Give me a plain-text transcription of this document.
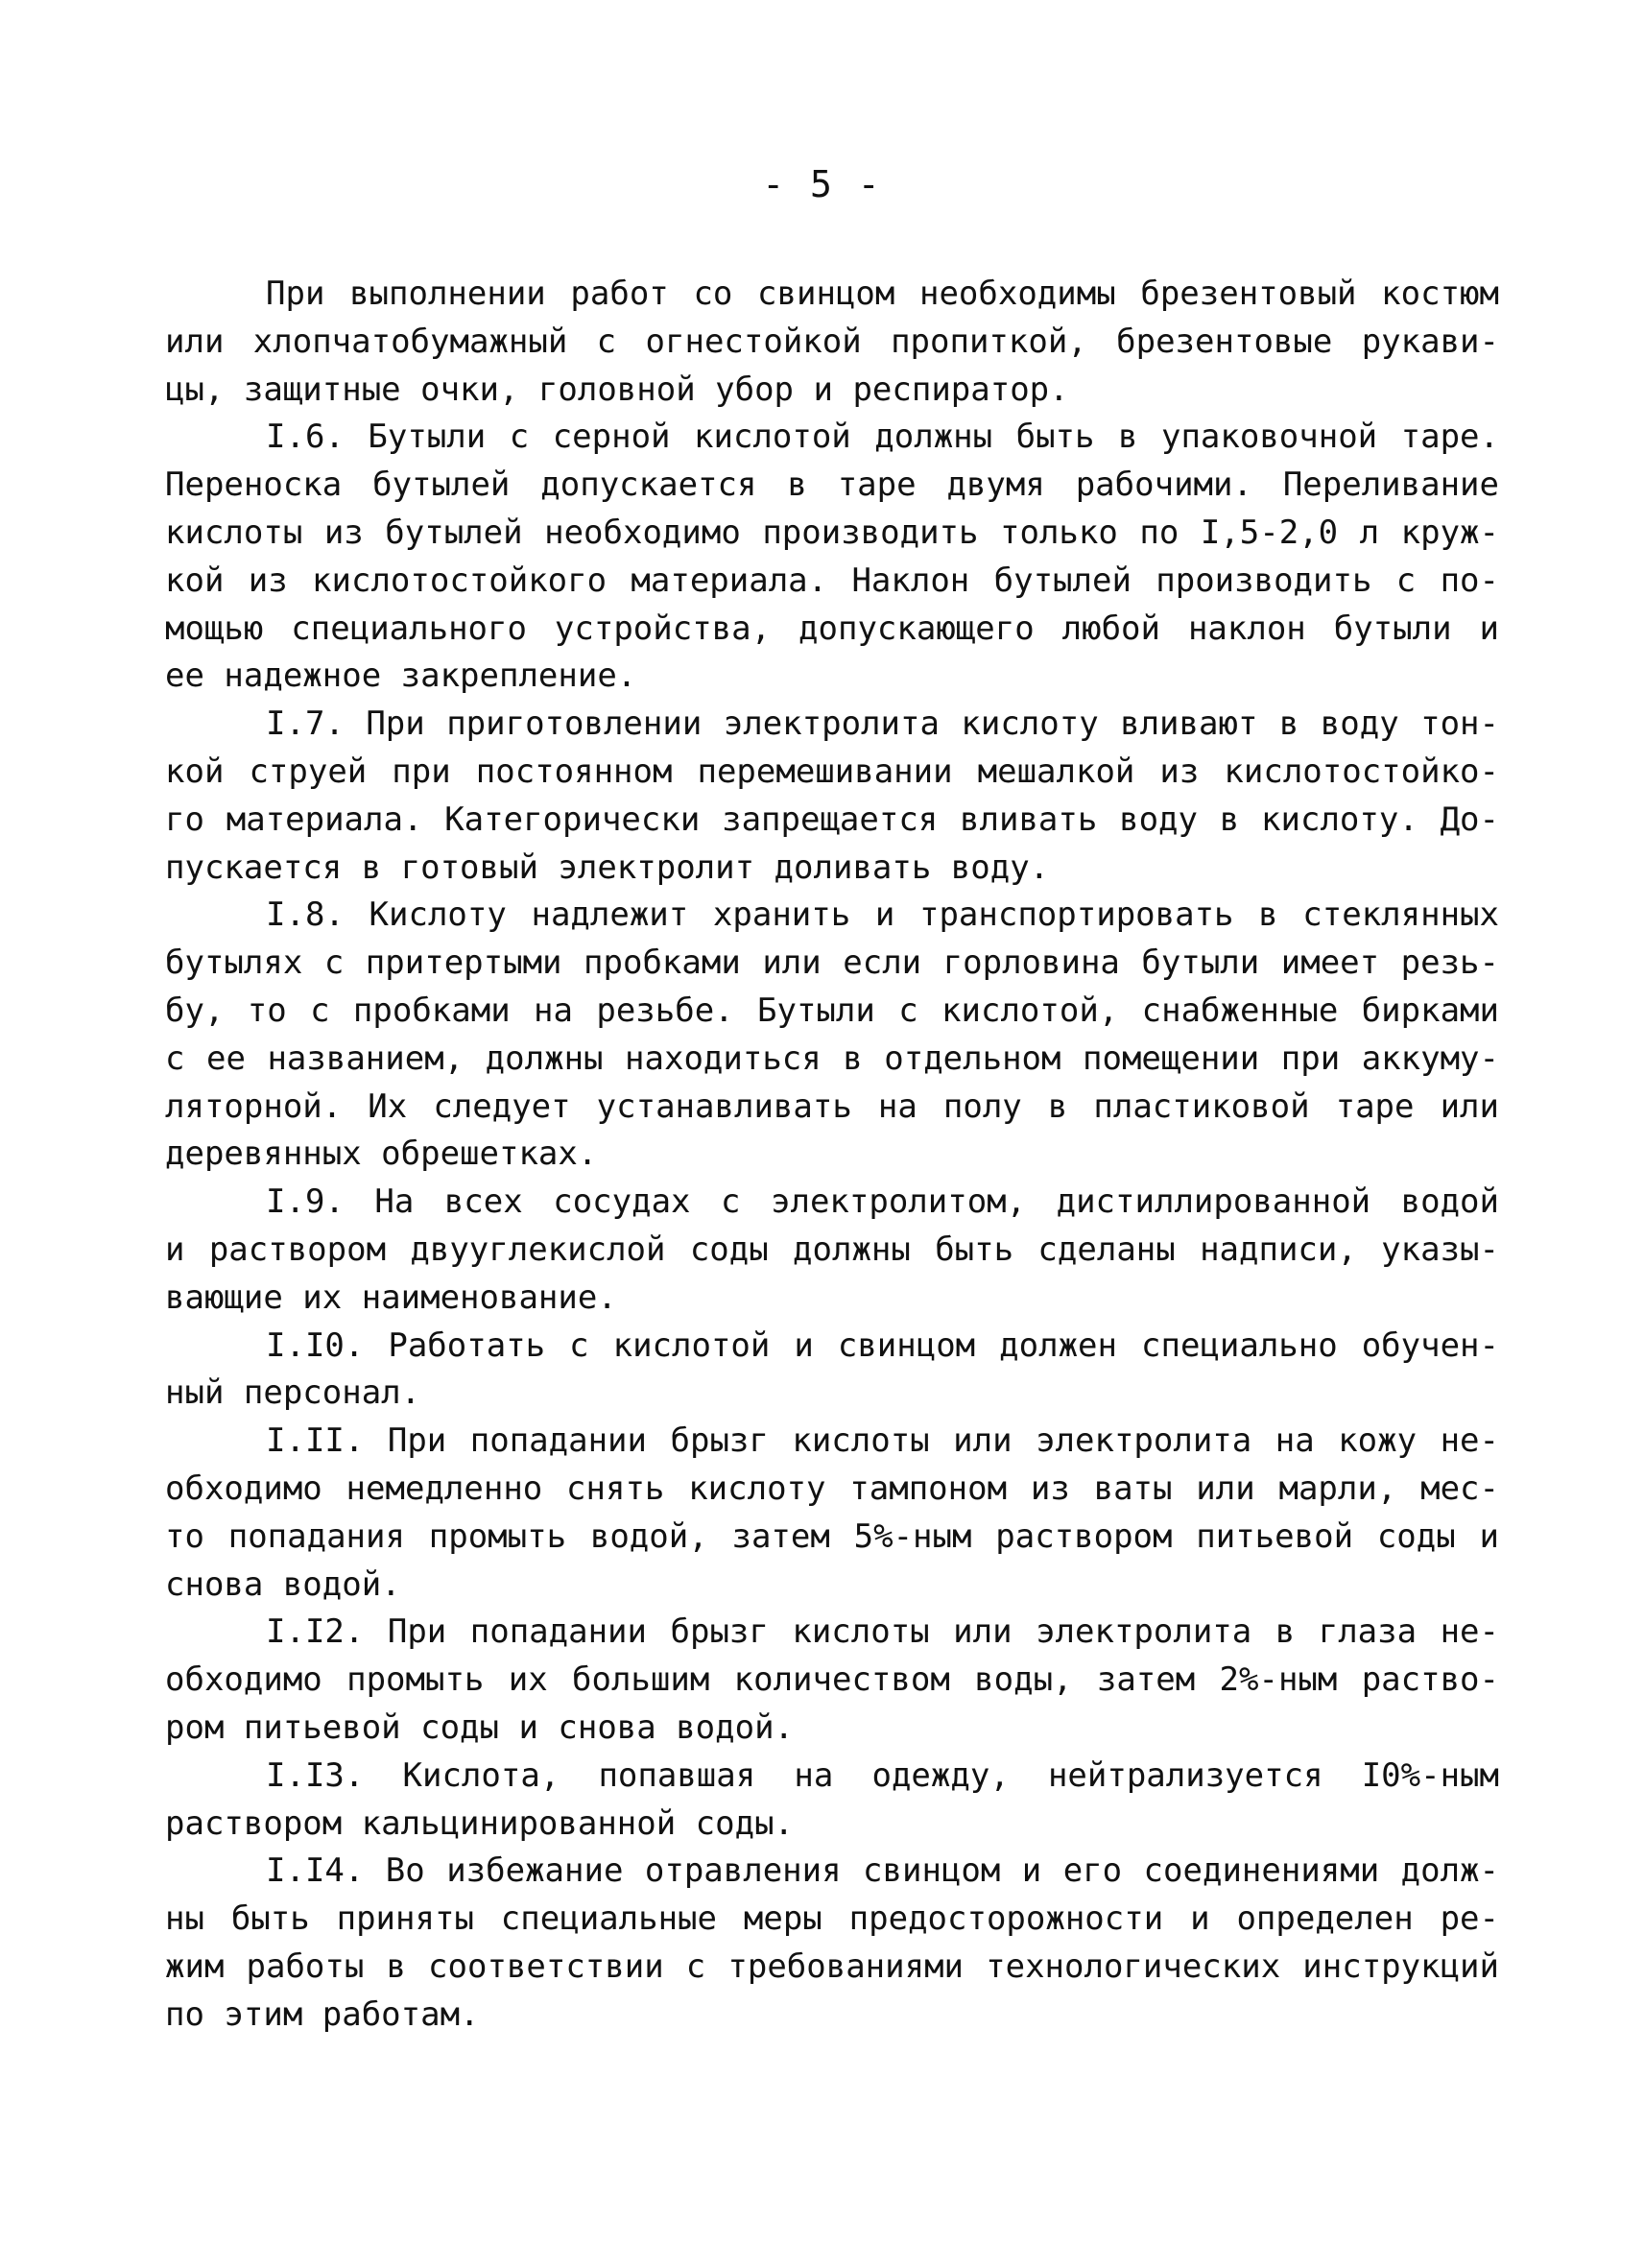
- 5 -
При выполнении работ со свинцом необходимы брезентовый костюм
или хлопчатобумажный с огнестойкой пропиткой, брезентовые рукави-
цы, защитные очки, головной убор и респиратор.
I.6. Бутыли с серной кислотой должны быть в упаковочной таре.
Переноска бутылей допускается в таре двумя рабочими. Переливание
кислоты из бутылей необходимо производить только по I,5-2,0 л круж-
кой из кислотостойкого материала. Наклон бутылей производить с по-
мощью специального устройства, допускающего любой наклон бутыли и
ее надежное закрепление.
I.7. При приготовлении электролита кислоту вливают в воду тон-
кой струей при постоянном перемешивании мешалкой из кислотостойко-
го материала. Категорически запрещается вливать воду в кислоту. До-
пускается в готовый электролит доливать воду.
I.8. Кислоту надлежит хранить и транспортировать в стеклянных
бутылях с притертыми пробками или если горловина бутыли имеет резь-
бу, то с пробками на резьбе. Бутыли с кислотой, снабженные бирками
с ее названием, должны находиться в отдельном помещении при аккуму-
ляторной. Их следует устанавливать на полу в пластиковой таре или
деревянных обрешетках.
I.9. На всех сосудах с электролитом, дистиллированной водой
и раствором двууглекислой соды должны быть сделаны надписи, указы-
вающие их наименование.
I.I0. Работать с кислотой и свинцом должен специально обучен-
ный персонал.
I.II. При попадании брызг кислоты или электролита на кожу не-
обходимо немедленно снять кислоту тампоном из ваты или марли, мес-
то попадания промыть водой, затем 5%-ным раствором питьевой соды и
снова водой.
I.I2. При попадании брызг кислоты или электролита в глаза не-
обходимо промыть их большим количеством воды, затем 2%-ным раство-
ром питьевой соды и снова водой.
I.I3. Кислота, попавшая на одежду, нейтрализуется I0%-ным
раствором кальцинированной соды.
I.I4. Во избежание отравления свинцом и его соединениями долж-
ны быть приняты специальные меры предосторожности и определен ре-
жим работы в соответствии с требованиями технологических инструкций
по этим работам.
